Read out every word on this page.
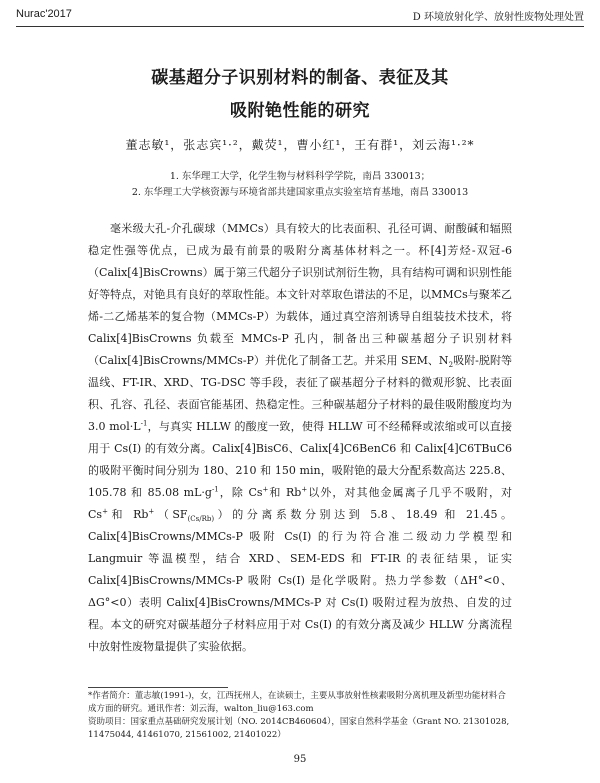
Nurac'2017	D 环境放射化学、放射性废物处理处置
碳基超分子识别材料的制备、表征及其
吸附铯性能的研究
董志敏¹，张志宾¹·²，戴荧¹，曹小红¹，王有群¹，刘云海¹·²*
1. 东华理工大学，化学生物与材料科学学院，南昌 330013；
2. 东华理工大学核资源与环境省部共建国家重点实验室培育基地，南昌 330013

毫米级大孔-介孔碳球（MMCs）具有较大的比表面积、孔径可调、耐酸碱和辐照稳定性强等优点，已成为最有前景的吸附分离基体材料之一。杯[4]芳烃-双冠-6（Calix[4]BisCrowns）属于第三代超分子识别试剂衍生物，具有结构可调和识别性能好等特点，对铯具有良好的萃取性能。本文针对萃取色谱法的不足，以MMCs与聚苯乙烯-二乙烯基苯的复合物（MMCs-P）为载体，通过真空溶剂诱导自组装技术技术，将 Calix[4]BisCrowns 负载至 MMCs-P 孔内，制备出三种碳基超分子识别材料（Calix[4]BisCrowns/MMCs-P）并优化了制备工艺。并采用 SEM、$N_2$吸附-脱附等温线、FT-IR、XRD、TG-DSC 等手段，表征了碳基超分子材料的微观形貌、比表面积、孔容、孔径、表面官能基团、热稳定性。三种碳基超分子材料的最佳吸附酸度均为 3.0 $mol\cdot L^{-1}$，与真实 HLLW 的酸度一致，使得 HLLW 可不经稀释或浓缩或可以直接用于 Cs(I) 的有效分离。Calix[4]BisC6、Calix[4]C6BenC6 和 Calix[4]C6TBuC6 的吸附平衡时间分别为 180、210 和 150 min，吸附铯的最大分配系数高达 225.8、105.78 和 85.08 $mL\cdot g^{-1}$，除 Cs+和 Rb+以外，对其他金属离子几乎不吸附，对 Cs+和 $Rb^+(SF_{(Cs/Rb)})$的分离系数分别达到 5.8、18.49 和 21.45。Calix[4]BisCrowns/MMCs-P 吸附 Cs(I) 的行为符合准二级动力学模型和 Langmuir 等温模型，结合 XRD、SEM-EDS 和 FT-IR 的表征结果，证实 Calix[4]BisCrowns/MMCs-P 吸附 Cs(I) 是化学吸附。热力学参数（ΔH°<0、ΔG°<0）表明 Calix[4]BisCrowns/MMCs-P 对 Cs(I) 吸附过程为放热、自发的过程。本文的研究对碳基超分子材料应用于对 Cs(I) 的有效分离及减少 HLLW 分离流程中放射性废物量提供了实验依据。

*作者简介：董志敏(1991-)，女，江西抚州人，在读硕士，主要从事放射性核素吸附分离机理及新型功能材料合成方面的研究。通讯作者：刘云海，walton_liu@163.com

资助项目：国家重点基础研究发展计划（NO. 2014CB460604），国家自然科学基金（Grant NO. 21301028, 11475044, 41461070, 21561002, 21401022）

95
